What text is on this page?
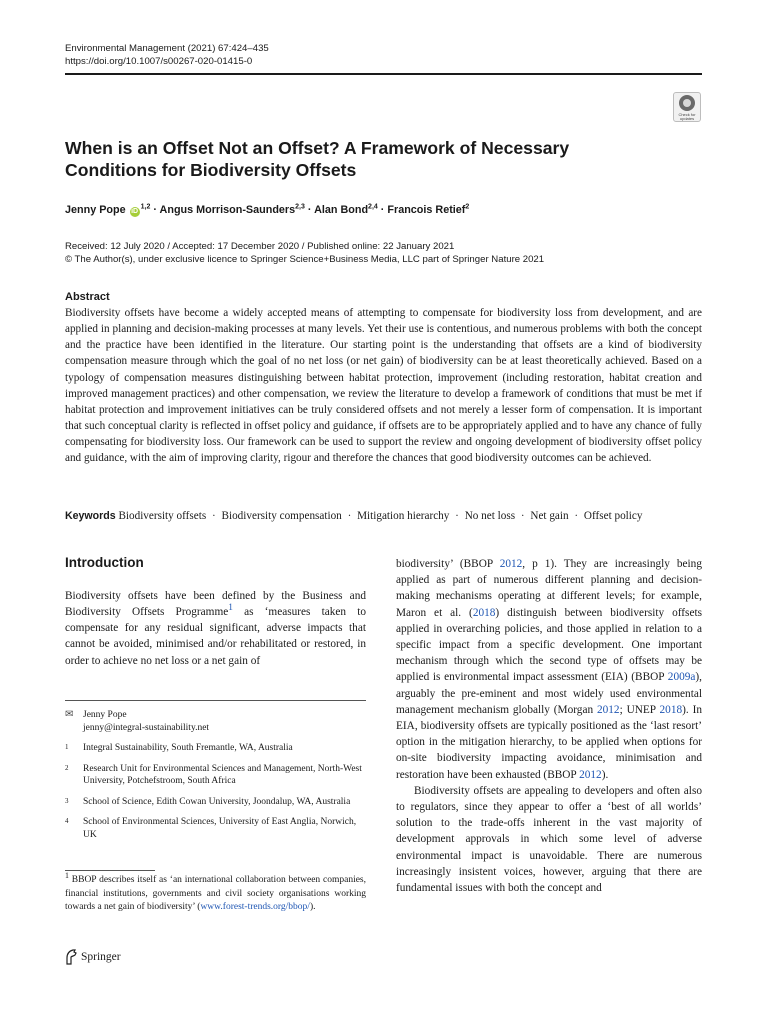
Environmental Management (2021) 67:424–435
https://doi.org/10.1007/s00267-020-01415-0
Check for updates
When is an Offset Not an Offset? A Framework of Necessary Conditions for Biodiversity Offsets
Jenny Pope iD$^{1,2}$ · Angus Morrison-Saunders$^{2,3}$ · Alan Bond$^{2,4}$ · Francois Retief$^2$
Received: 12 July 2020 / Accepted: 17 December 2020 / Published online: 22 January 2021
© The Author(s), under exclusive licence to Springer Science+Business Media, LLC part of Springer Nature 2021
Abstract

Biodiversity offsets have become a widely accepted means of attempting to compensate for biodiversity loss from development, and are applied in planning and decision-making processes at many levels. Yet their use is contentious, and numerous problems with both the concept and the practice have been identified in the literature. Our starting point is the understanding that offsets are a kind of biodiversity compensation measure through which the goal of no net loss (or net gain) of biodiversity can be at least theoretically achieved. Based on a typology of compensation measures distinguishing between habitat protection, improvement (including restoration, habitat creation and improved management practices) and other compensation, we review the literature to develop a framework of conditions that must be met if habitat protection and improvement initiatives can be truly considered offsets and not merely a lesser form of compensation. It is important that such conceptual clarity is reflected in offset policy and guidance, if offsets are to be appropriately applied and to have any chance of fully compensating for biodiversity loss. Our framework can be used to support the review and ongoing development of biodiversity offset policy and guidance, with the aim of improving clarity, rigour and therefore the chances that good biodiversity outcomes can be achieved.

Keywords Biodiversity offsets · Biodiversity compensation · Mitigation hierarchy · No net loss · Net gain · Offset policy
Introduction

Biodiversity offsets have been defined by the Business and Biodiversity Offsets Programme$^1$ as ‘measures taken to compensate for any residual significant, adverse impacts that cannot be avoided, minimised and/or rehabilitated or restored, in order to achieve no net loss or a net gain of

✉	Jenny Pope
jenny@integral-sustainability.net
1	Integral Sustainability, South Fremantle, WA, Australia
2	Research Unit for Environmental Sciences and Management, North-West University, Potchefstroom, South Africa
3	School of Science, Edith Cowan University, Joondalup, WA, Australia
4	School of Environmental Sciences, University of East Anglia, Norwich, UK

$^1$ BBOP describes itself as ‘an international collaboration between companies, financial institutions, governments and civil society organisations working towards a net gain of biodiversity’ (www.forest-trends.org/bbop/).

Springer

biodiversity’ (BBOP 2012, p 1). They are increasingly being applied as part of numerous different planning and decision-making mechanisms operating at different levels; for example, Maron et al. (2018) distinguish between biodiversity offsets applied in overarching policies, and those applied in relation to a specific impact from a specific development. One important mechanism through which the second type of offsets may be applied is environmental impact assessment (EIA) (BBOP 2009a), arguably the pre-eminent and most widely used environmental management mechanism globally (Morgan 2012; UNEP 2018). In EIA, biodiversity offsets are typically positioned as the ‘last resort’ option in the mitigation hierarchy, to be applied when options for on-site biodiversity impacting avoidance, minimisation and restoration have been exhausted (BBOP 2012).

Biodiversity offsets are appealing to developers and often also to regulators, since they appear to offer a ‘best of all worlds’ solution to the trade-offs inherent in the vast majority of development approvals in which some level of adverse environmental impact is unavoidable. There are numerous increasingly insistent voices, however, arguing that there are fundamental issues with both the concept and
